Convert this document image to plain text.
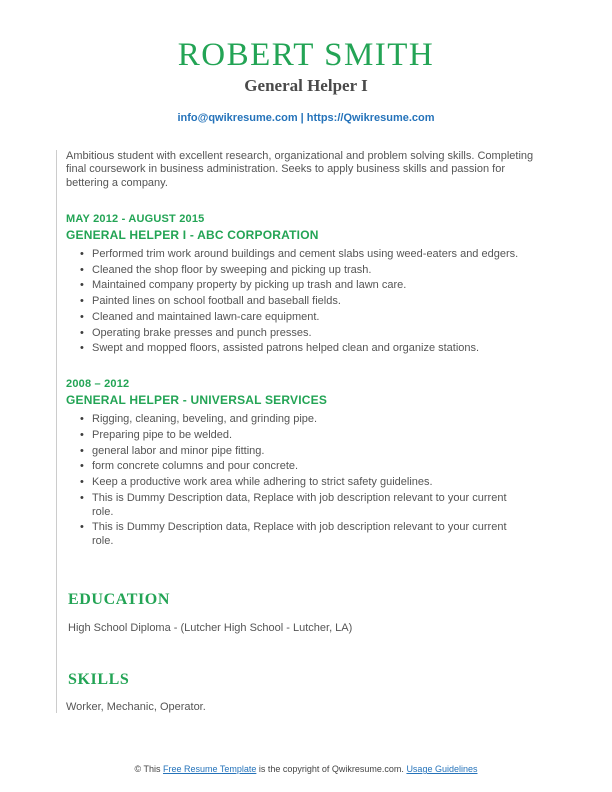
ROBERT SMITH
General Helper I
info@qwikresume.com | https://Qwikresume.com

Ambitious student with excellent research, organizational and problem solving skills. Completing final coursework in business administration. Seeks to apply business skills and passion for bettering a company.

MAY 2012 - AUGUST 2015
GENERAL HELPER I - ABC CORPORATION
• Performed trim work around buildings and cement slabs using weed-eaters and edgers.
• Cleaned the shop floor by sweeping and picking up trash.
• Maintained company property by picking up trash and lawn care.
• Painted lines on school football and baseball fields.
• Cleaned and maintained lawn-care equipment.
• Operating brake presses and punch presses.
• Swept and mopped floors, assisted patrons helped clean and organize stations.
2008 – 2012
GENERAL HELPER - UNIVERSAL SERVICES
• Rigging, cleaning, beveling, and grinding pipe.
• Preparing pipe to be welded.
• general labor and minor pipe fitting.
• form concrete columns and pour concrete.
• Keep a productive work area while adhering to strict safety guidelines.
• This is Dummy Description data, Replace with job description relevant to your current role.
• This is Dummy Description data, Replace with job description relevant to your current role.
EDUCATION
High School Diploma - (Lutcher High School - Lutcher, LA)
SKILLS

Worker, Mechanic, Operator.

© This Free Resume Template is the copyright of Qwikresume.com. Usage Guidelines
